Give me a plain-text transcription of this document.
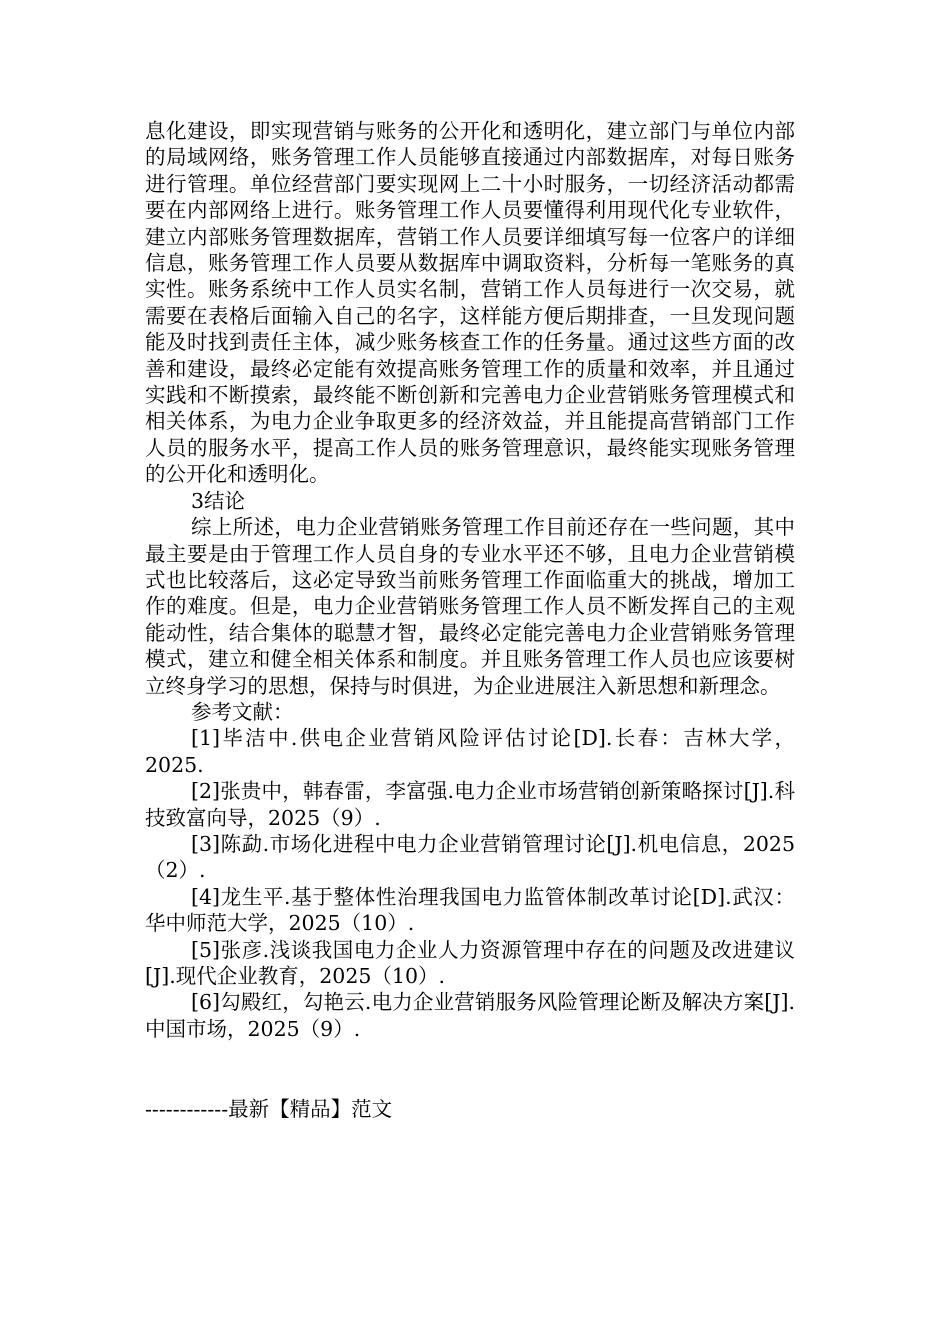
息化建设，即实现营销与账务的公开化和透明化，建立部门与单位内部的局域网络，账务管理工作人员能够直接通过内部数据库，对每日账务进行管理。单位经营部门要实现网上二十小时服务，一切经济活动都需要在内部网络上进行。账务管理工作人员要懂得利用现代化专业软件，建立内部账务管理数据库，营销工作人员要详细填写每一位客户的详细信息，账务管理工作人员要从数据库中调取资料，分析每一笔账务的真实性。账务系统中工作人员实名制，营销工作人员每进行一次交易，就需要在表格后面输入自己的名字，这样能方便后期排查，一旦发现问题能及时找到责任主体，减少账务核查工作的任务量。通过这些方面的改善和建设，最终必定能有效提高账务管理工作的质量和效率，并且通过实践和不断摸索，最终能不断创新和完善电力企业营销账务管理模式和相关体系，为电力企业争取更多的经济效益，并且能提高营销部门工作人员的服务水平，提高工作人员的账务管理意识，最终能实现账务管理的公开化和透明化。

3结论

综上所述，电力企业营销账务管理工作目前还存在一些问题，其中最主要是由于管理工作人员自身的专业水平还不够，且电力企业营销模式也比较落后，这必定导致当前账务管理工作面临重大的挑战，增加工作的难度。但是，电力企业营销账务管理工作人员不断发挥自己的主观能动性，结合集体的聪慧才智，最终必定能完善电力企业营销账务管理模式，建立和健全相关体系和制度。并且账务管理工作人员也应该要树立终身学习的思想，保持与时俱进，为企业进展注入新思想和新理念。

参考文献：

[1]毕洁中.供电企业营销风险评估讨论[D].长春：吉林大学，2025.

[2]张贵中，韩春雷，李富强.电力企业市场营销创新策略探讨[J].科技致富向导，2025（9）.

[3]陈勐.市场化进程中电力企业营销管理讨论[J].机电信息，2025（2）.

[4]龙生平.基于整体性治理我国电力监管体制改革讨论[D].武汉：华中师范大学，2025（10）.

[5]张彦.浅谈我国电力企业人力资源管理中存在的问题及改进建议[J].现代企业教育，2025（10）.

[6]勾殿红，勾艳云.电力企业营销服务风险管理论断及解决方案[J].中国市场，2025（9）.

------------最新【精品】范文
